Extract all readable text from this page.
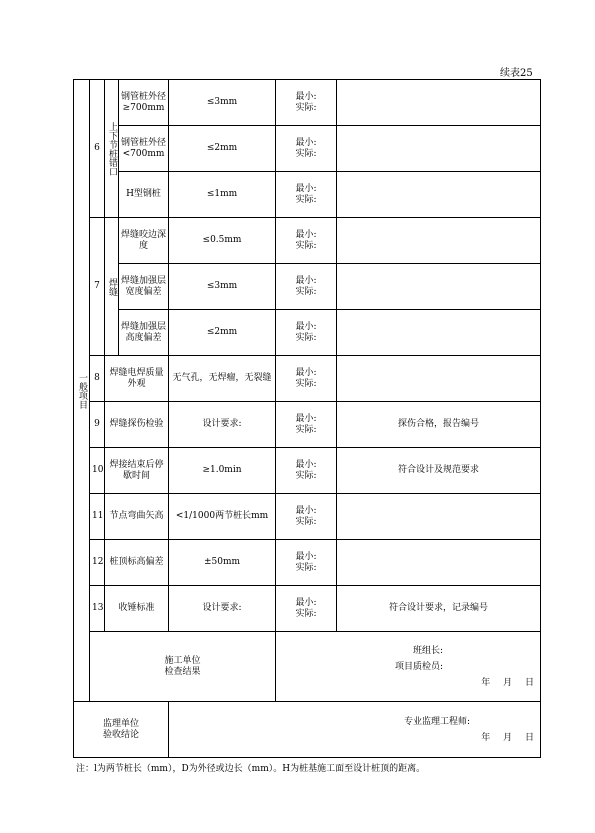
续表25
一般项目	6	上下节桩错口	钢管桩外径≥700mm	≤3mm	最小:
实际:	

			钢管桩外径<700mm	≤2mm	最小:
实际:	

			H型钢桩	≤1mm	最小:
实际:	

	7	焊缝	焊缝咬边深度	≤0.5mm	最小:
实际:	

			焊缝加强层宽度偏差	≤3mm	最小:
实际:	

			焊缝加强层高度偏差	≤2mm	最小:
实际:	

	8	焊缝电焊质量外观		无气孔，无焊瘤，无裂缝	最小:
实际:	

	9	焊缝探伤检验		设计要求:	最小:
实际:	探伤合格，报告编号
	10	焊接结束后停歇时间		≥1.0min	最小:
实际:	符合设计及规范要求
	11	节点弯曲矢高		<1/1000两节桩长mm	最小:
实际:	

	12	桩顶标高偏差		±50mm	最小:
实际:	

	13	收锤标准		设计要求:	最小:
实际:	符合设计要求，记录编号

	施工单位
检查结果				班组长:
项目质检员:
年 月 日	

监理单位
验收结论				专业监理工程师:
年 月 日		
注：l为两节桩长（mm），D为外径或边长（mm）。H为桩基施工面至设计桩顶的距离。
